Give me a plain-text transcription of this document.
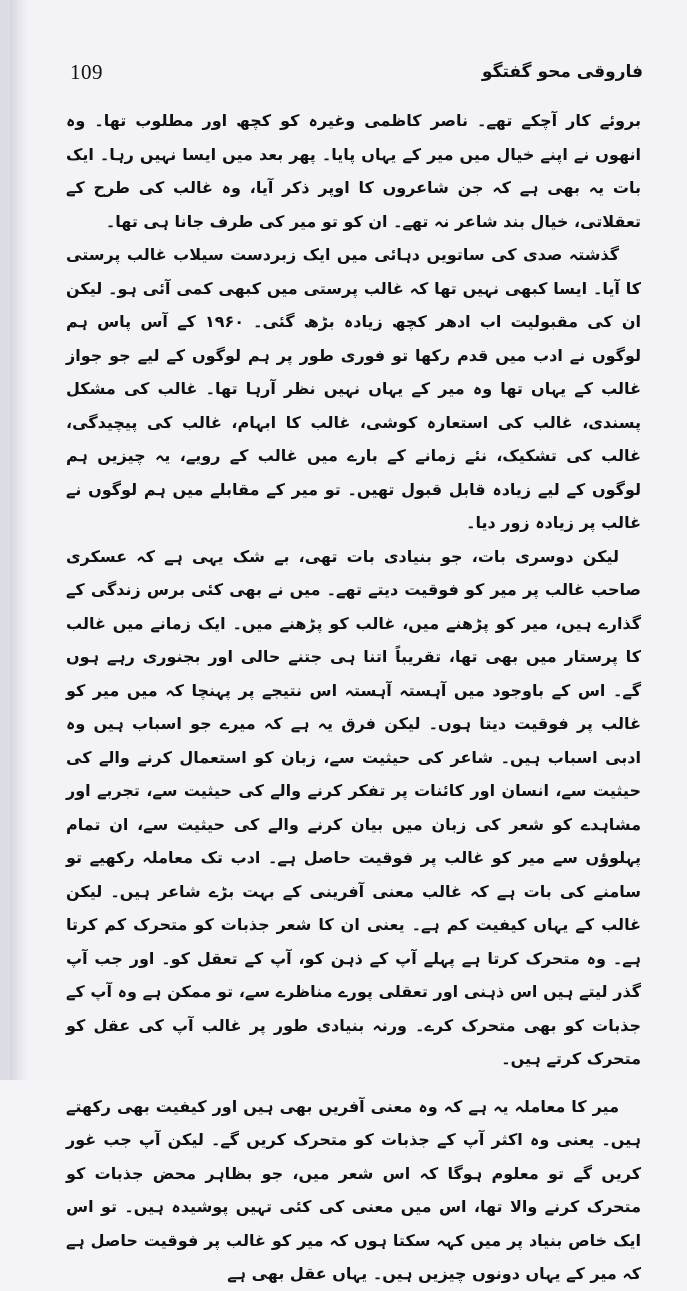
109	فاروقی محو گفتگو

بروئے کار آچکے تھے۔ ناصر کاظمی وغیرہ کو کچھ اور مطلوب تھا۔ وہ انھوں نے اپنے خیال میں میر کے یہاں پایا۔ پھر بعد میں ایسا نہیں رہا۔ ایک بات یہ بھی ہے کہ جن شاعروں کا اوپر ذکر آیا، وہ غالب کی طرح کے تعقلاتی، خیال بند شاعر نہ تھے۔ ان کو تو میر کی طرف جانا ہی تھا۔

گذشتہ صدی کی ساتویں دہائی میں ایک زبردست سیلاب غالب پرستی کا آیا۔ ایسا کبھی نہیں تھا کہ غالب پرستی میں کبھی کمی آئی ہو۔ لیکن ان کی مقبولیت اب ادھر کچھ زیادہ بڑھ گئی۔ ۱۹۶۰ کے آس پاس ہم لوگوں نے ادب میں قدم رکھا تو فوری طور پر ہم لوگوں کے لیے جو جواز غالب کے یہاں تھا وہ میر کے یہاں نہیں نظر آرہا تھا۔ غالب کی مشکل پسندی، غالب کی استعارہ کوشی، غالب کا ابہام، غالب کی پیچیدگی، غالب کی تشکیک، نئے زمانے کے بارے میں غالب کے رویے، یہ چیزیں ہم لوگوں کے لیے زیادہ قابل قبول تھیں۔ تو میر کے مقابلے میں ہم لوگوں نے غالب پر زیادہ زور دیا۔

لیکن دوسری بات، جو بنیادی بات تھی، بے شک یہی ہے کہ عسکری صاحب غالب پر میر کو فوقیت دیتے تھے۔ میں نے بھی کئی برس زندگی کے گذارے ہیں، میر کو پڑھنے میں، غالب کو پڑھنے میں۔ ایک زمانے میں غالب کا پرستار میں بھی تھا، تقریباً اتنا ہی جتنے حالی اور بجنوری رہے ہوں گے۔ اس کے باوجود میں آہستہ آہستہ اس نتیجے پر پہنچا کہ میں میر کو غالب پر فوقیت دیتا ہوں۔ لیکن فرق یہ ہے کہ میرے جو اسباب ہیں وہ ادبی اسباب ہیں۔ شاعر کی حیثیت سے، زبان کو استعمال کرنے والے کی حیثیت سے، انسان اور کائنات پر تفکر کرنے والے کی حیثیت سے، تجربے اور مشاہدے کو شعر کی زبان میں بیان کرنے والے کی حیثیت سے، ان تمام پہلوؤں سے میر کو غالب پر فوقیت حاصل ہے۔ ادب تک معاملہ رکھیے تو سامنے کی بات ہے کہ غالب معنی آفرینی کے بہت بڑے شاعر ہیں۔ لیکن غالب کے یہاں کیفیت کم ہے۔ یعنی ان کا شعر جذبات کو متحرک کم کرتا ہے۔ وہ متحرک کرتا ہے پہلے آپ کے ذہن کو، آپ کے تعقل کو۔ اور جب آپ گذر لیتے ہیں اس ذہنی اور تعقلی پورے مناظرے سے، تو ممکن ہے وہ آپ کے جذبات کو بھی متحرک کرے۔ ورنہ بنیادی طور پر غالب آپ کی عقل کو متحرک کرتے ہیں۔

میر کا معاملہ یہ ہے کہ وہ معنی آفریں بھی ہیں اور کیفیت بھی رکھتے ہیں۔ یعنی وہ اکثر آپ کے جذبات کو متحرک کریں گے۔ لیکن آپ جب غور کریں گے تو معلوم ہوگا کہ اس شعر میں، جو بظاہر محض جذبات کو متحرک کرنے والا تھا، اس میں معنی کی کئی تہیں پوشیدہ ہیں۔ تو اس ایک خاص بنیاد پر میں کہہ سکتا ہوں کہ میر کو غالب پر فوقیت حاصل ہے کہ میر کے یہاں دونوں چیزیں ہیں۔ یہاں عقل بھی ہے
